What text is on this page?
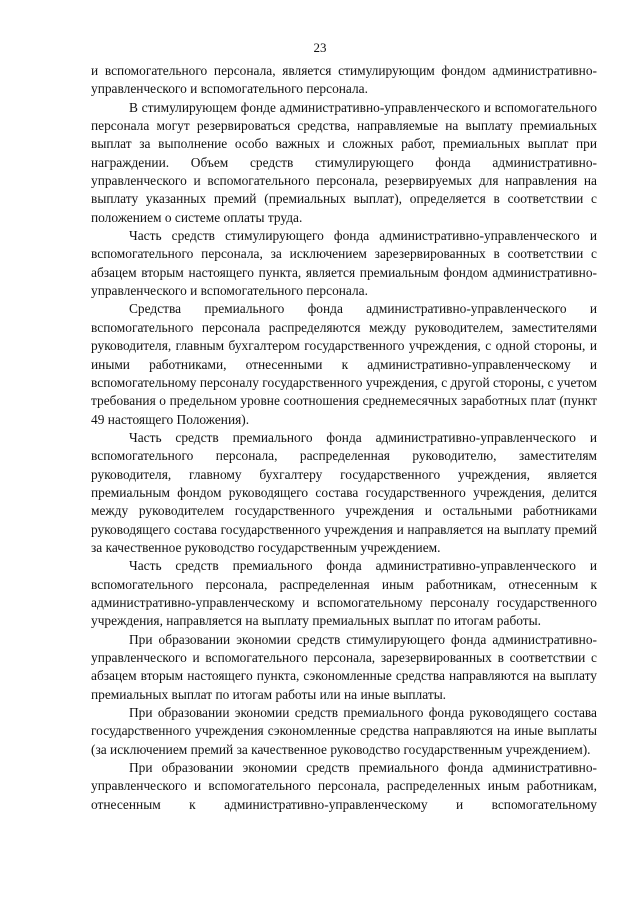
23

и вспомогательного персонала, является стимулирующим фондом административно-управленческого и вспомогательного персонала.

В стимулирующем фонде административно-управленческого и вспомогательного персонала могут резервироваться средства, направляемые на выплату премиальных выплат за выполнение особо важных и сложных работ, премиальных выплат при награждении. Объем средств стимулирующего фонда административно-управленческого и вспомогательного персонала, резервируемых для направления на выплату указанных премий (премиальных выплат), определяется в соответствии с положением о системе оплаты труда.

Часть средств стимулирующего фонда административно-управленческого и вспомогательного персонала, за исключением зарезервированных в соответствии с абзацем вторым настоящего пункта, является премиальным фондом административно-управленческого и вспомогательного персонала.

Средства премиального фонда административно-управленческого и вспомогательного персонала распределяются между руководителем, заместителями руководителя, главным бухгалтером государственного учреждения, с одной стороны, и иными работниками, отнесенными к административно-управленческому и вспомогательному персоналу государственного учреждения, с другой стороны, с учетом требования о предельном уровне соотношения среднемесячных заработных плат (пункт 49 настоящего Положения).

Часть средств премиального фонда административно-управленческого и вспомогательного персонала, распределенная руководителю, заместителям руководителя, главному бухгалтеру государственного учреждения, является премиальным фондом руководящего состава государственного учреждения, делится между руководителем государственного учреждения и остальными работниками руководящего состава государственного учреждения и направляется на выплату премий за качественное руководство государственным учреждением.

Часть средств премиального фонда административно-управленческого и вспомогательного персонала, распределенная иным работникам, отнесенным к административно-управленческому и вспомогательному персоналу государственного учреждения, направляется на выплату премиальных выплат по итогам работы.

При образовании экономии средств стимулирующего фонда административно-управленческого и вспомогательного персонала, зарезервированных в соответствии с абзацем вторым настоящего пункта, сэкономленные средства направляются на выплату премиальных выплат по итогам работы или на иные выплаты.

При образовании экономии средств премиального фонда руководящего состава государственного учреждения сэкономленные средства направляются на иные выплаты (за исключением премий за качественное руководство государственным учреждением).

При образовании экономии средств премиального фонда административно-управленческого и вспомогательного персонала, распределенных иным работникам, отнесенным к административно-управленческому и вспомогательному
